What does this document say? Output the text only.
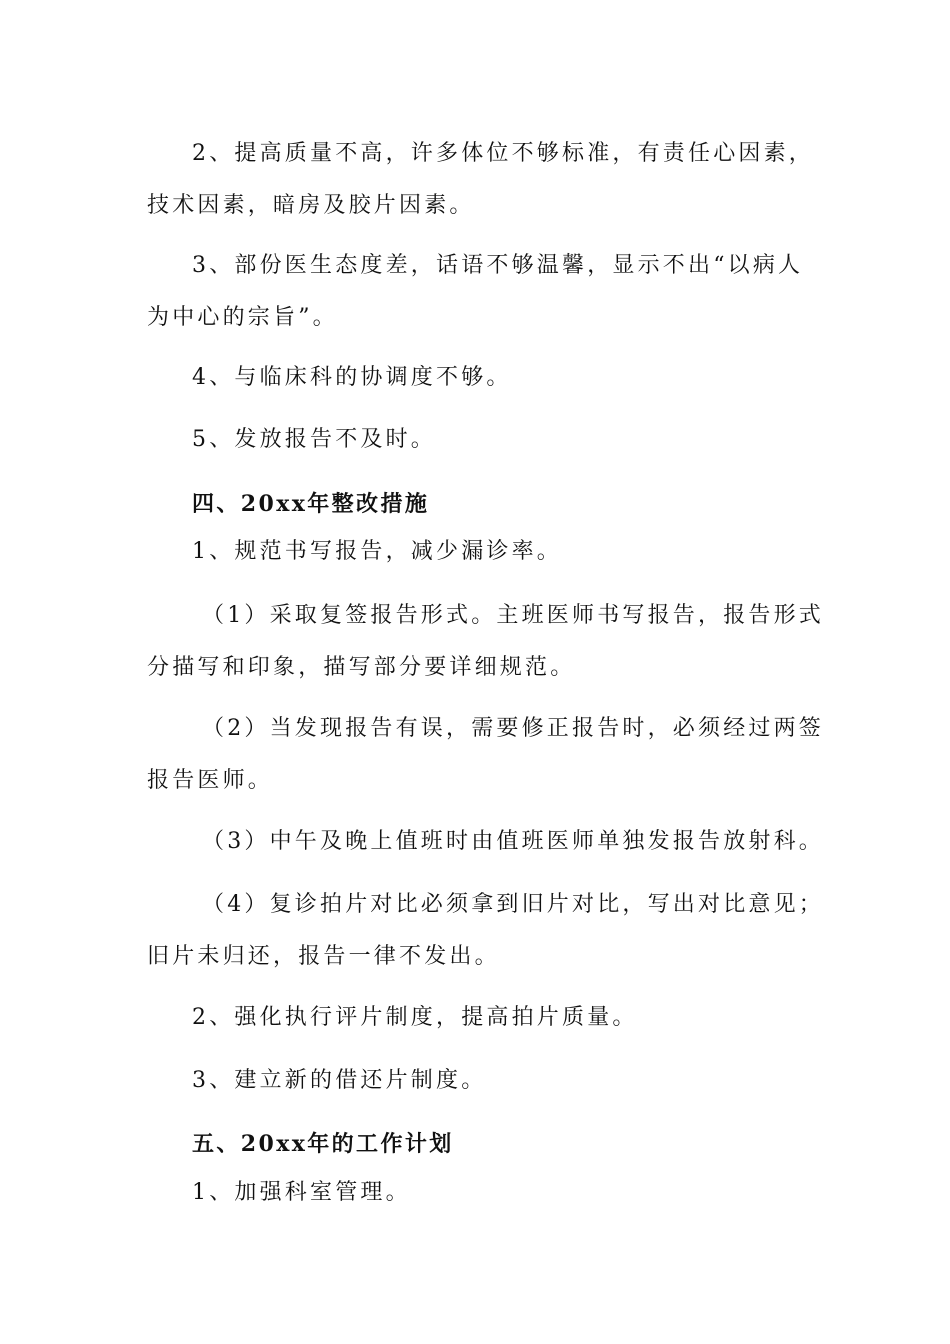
2、提高质量不高，许多体位不够标准，有责任心因素，技术因素，暗房及胶片因素。

3、部份医生态度差，话语不够温馨，显示不出“以病人为中心的宗旨”。

4、与临床科的协调度不够。

5、发放报告不及时。

四、20xx年整改措施

1、规范书写报告，减少漏诊率。

（1）采取复签报告形式。主班医师书写报告，报告形式分描写和印象，描写部分要详细规范。

（2）当发现报告有误，需要修正报告时，必须经过两签报告医师。

（3）中午及晚上值班时由值班医师单独发报告放射科。

（4）复诊拍片对比必须拿到旧片对比，写出对比意见；旧片未归还，报告一律不发出。

2、强化执行评片制度，提高拍片质量。

3、建立新的借还片制度。

五、20xx年的工作计划

1、加强科室管理。
